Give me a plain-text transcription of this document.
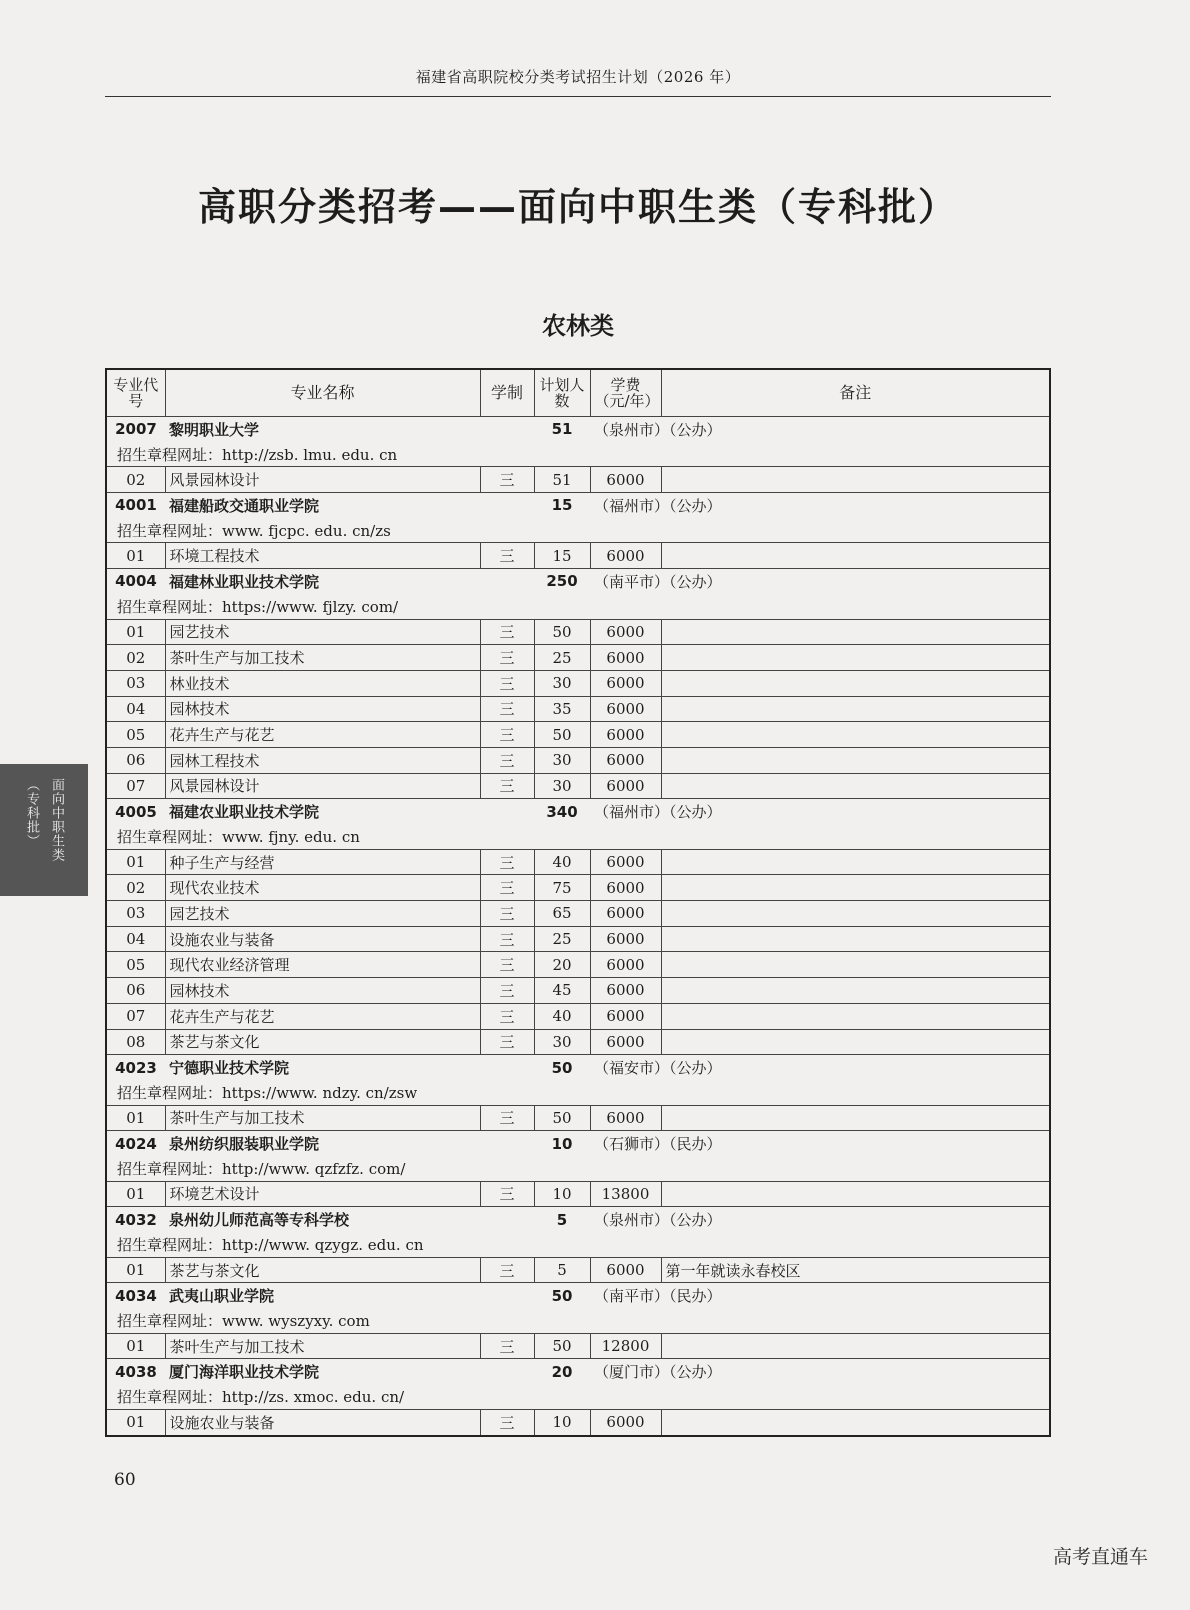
福建省高职院校分类考试招生计划（2026 年）
高职分类招考——面向中职生类（专科批）
农林类
专业代号	专业名称	学制	计划人数	学费（元/年）	备注
2007	黎明职业大学		51	（泉州市）（公办）	
招生章程网址：http://zsb. lmu. edu. cn					
02	风景园林设计	三	51	6000	
4001	福建船政交通职业学院		15	（福州市）（公办）	
招生章程网址：www. fjcpc. edu. cn/zs					
01	环境工程技术	三	15	6000	
4004	福建林业职业技术学院		250	（南平市）（公办）	
招生章程网址：https://www. fjlzy. com/					
01	园艺技术	三	50	6000	
02	茶叶生产与加工技术	三	25	6000	
03	林业技术	三	30	6000	
04	园林技术	三	35	6000	
05	花卉生产与花艺	三	50	6000	
06	园林工程技术	三	30	6000	
07	风景园林设计	三	30	6000	
4005	福建农业职业技术学院		340	（福州市）（公办）	
招生章程网址：www. fjny. edu. cn					
01	种子生产与经营	三	40	6000	
02	现代农业技术	三	75	6000	
03	园艺技术	三	65	6000	
04	设施农业与装备	三	25	6000	
05	现代农业经济管理	三	20	6000	
06	园林技术	三	45	6000	
07	花卉生产与花艺	三	40	6000	
08	茶艺与茶文化	三	30	6000	
4023	宁德职业技术学院		50	（福安市）（公办）	
招生章程网址：https://www. ndzy. cn/zsw					
01	茶叶生产与加工技术	三	50	6000	
4024	泉州纺织服装职业学院		10	（石狮市）（民办）	
招生章程网址：http://www. qzfzfz. com/					
01	环境艺术设计	三	10	13800	
4032	泉州幼儿师范高等专科学校		5	（泉州市）（公办）	
招生章程网址：http://www. qzygz. edu. cn					
01	茶艺与茶文化	三	5	6000	第一年就读永春校区
4034	武夷山职业学院		50	（南平市）（民办）	
招生章程网址：www. wyszyxy. com					
01	茶叶生产与加工技术	三	50	12800	
4038	厦门海洋职业技术学院		20	（厦门市）（公办）	
招生章程网址：http://zs. xmoc. edu. cn/					
01	设施农业与装备	三	10	6000	
面向中职生类
（专科批）
60
高考直通车
